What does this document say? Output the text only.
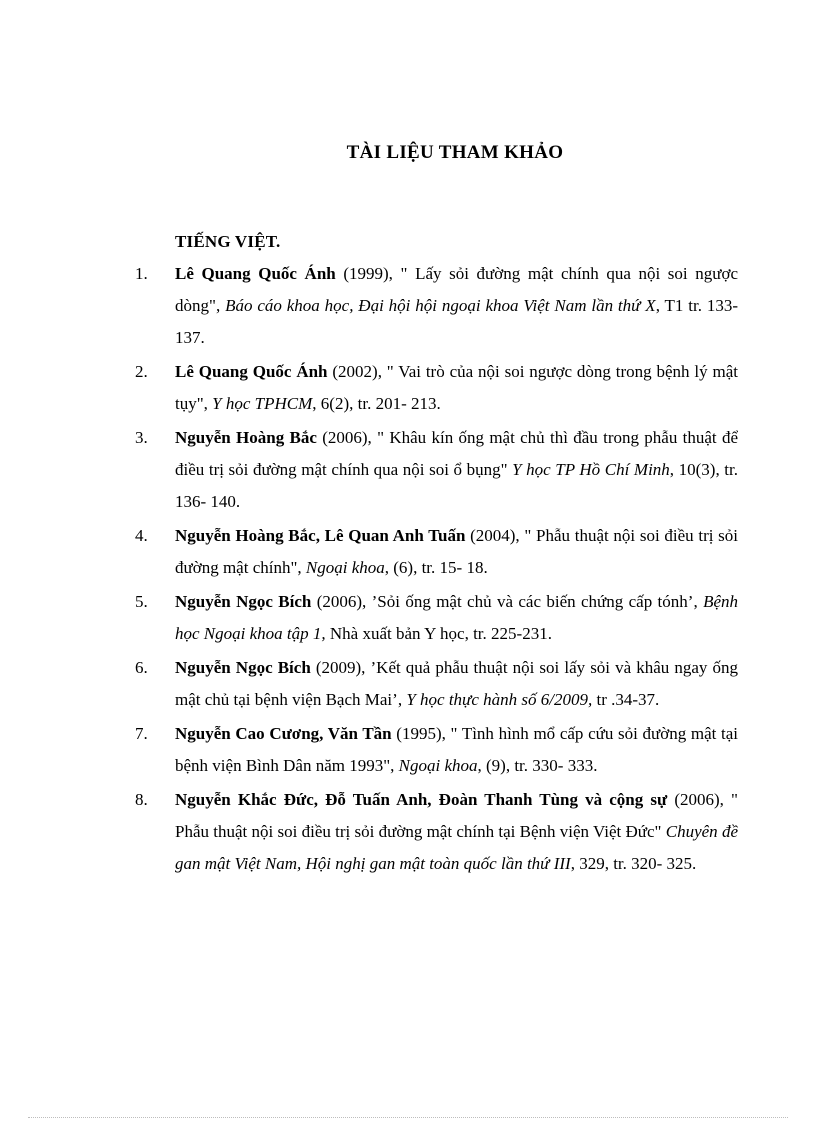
TÀI LIỆU THAM KHẢO
TIẾNG VIỆT.
1. Lê Quang Quốc Ánh (1999), " Lấy sỏi đường mật chính qua nội soi ngược dòng", Báo cáo khoa học, Đại hội hội ngoại khoa Việt Nam lần thứ X, T1 tr. 133- 137.
2. Lê Quang Quốc Ánh (2002), " Vai trò của nội soi ngược dòng trong bệnh lý mật tụy", Y học TPHCM, 6(2), tr. 201- 213.
3. Nguyễn Hoàng Bắc (2006), " Khâu kín ống mật chủ thì đầu trong phẫu thuật để điều trị sỏi đường mật chính qua nội soi ổ bụng" Y học TP Hồ Chí Minh, 10(3), tr. 136- 140.
4. Nguyễn Hoàng Bắc, Lê Quan Anh Tuấn (2004), " Phẫu thuật nội soi điều trị sỏi đường mật chính", Ngoại khoa, (6), tr. 15- 18.
5. Nguyễn Ngọc Bích (2006), ’Sỏi ống mật chủ và các biến chứng cấp tónh’, Bệnh học Ngoại khoa tập 1, Nhà xuất bản Y học, tr. 225-231.
6. Nguyễn Ngọc Bích (2009), ’Kết quả phẫu thuật nội soi lấy sỏi và khâu ngay ống mật chủ tại bệnh viện Bạch Mai’, Y học thực hành số 6/2009, tr .34-37.
7. Nguyễn Cao Cương, Văn Tần (1995), " Tình hình mổ cấp cứu sỏi đường mật tại bệnh viện Bình Dân năm 1993", Ngoại khoa, (9), tr. 330- 333.
8. Nguyễn Khắc Đức, Đỗ Tuấn Anh, Đoàn Thanh Tùng và cộng sự (2006), " Phẫu thuật nội soi điều trị sỏi đường mật chính tại Bệnh viện Việt Đức" Chuyên đề gan mật Việt Nam, Hội nghị gan mật toàn quốc lần thứ III, 329, tr. 320- 325.
